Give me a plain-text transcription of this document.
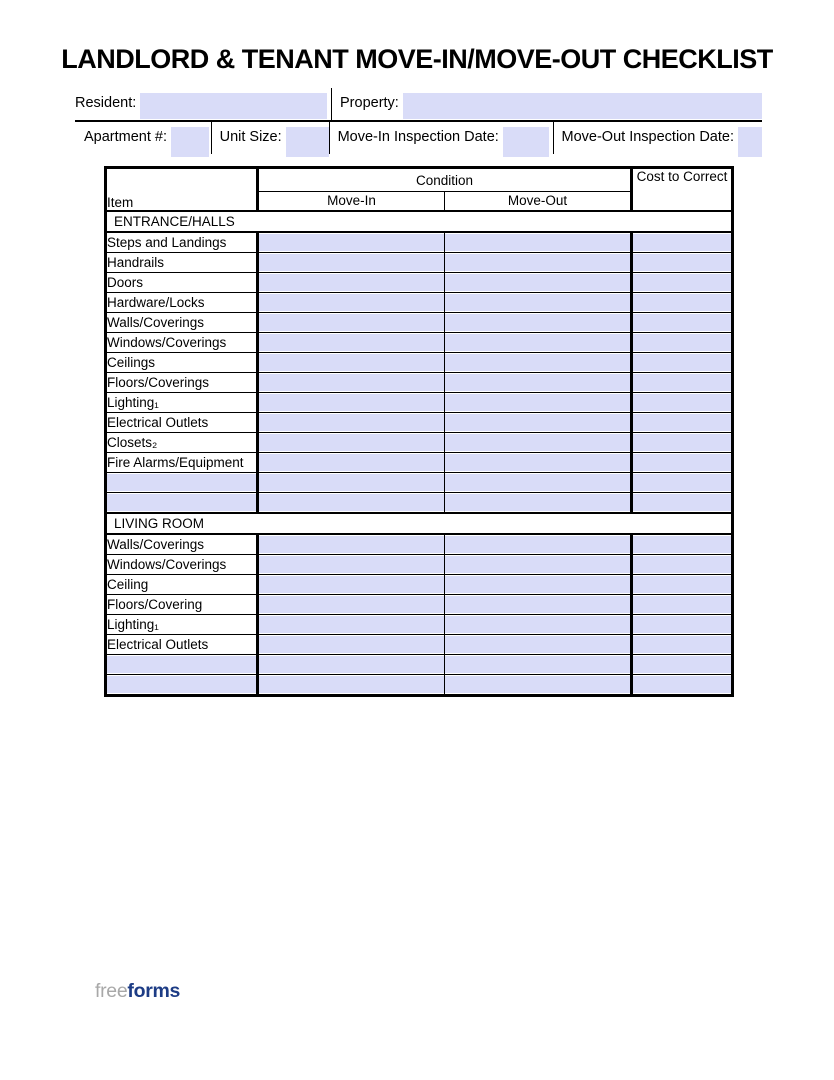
LANDLORD & TENANT MOVE-IN/MOVE-OUT CHECKLIST
Resident:	Property:
Apartment #:	Unit Size:	Move-In Inspection Date:	Move-Out Inspection Date:
Item	Condition		Cost to Correct
	Move-In	Move-Out	
ENTRANCE/HALLS			
Steps and Landings	

Handrails	

Doors	

Hardware/Locks	

Walls/Coverings	

Windows/Coverings	

Ceilings	

Floors/Coverings	

Lighting₁	

Electrical Outlets	

Closets₂	

Fire Alarms/Equipment	

LIVING ROOM			
Walls/Coverings	

Windows/Coverings	

Ceiling	

Floors/Covering	

Lighting₁	

Electrical Outlets	

freeforms
